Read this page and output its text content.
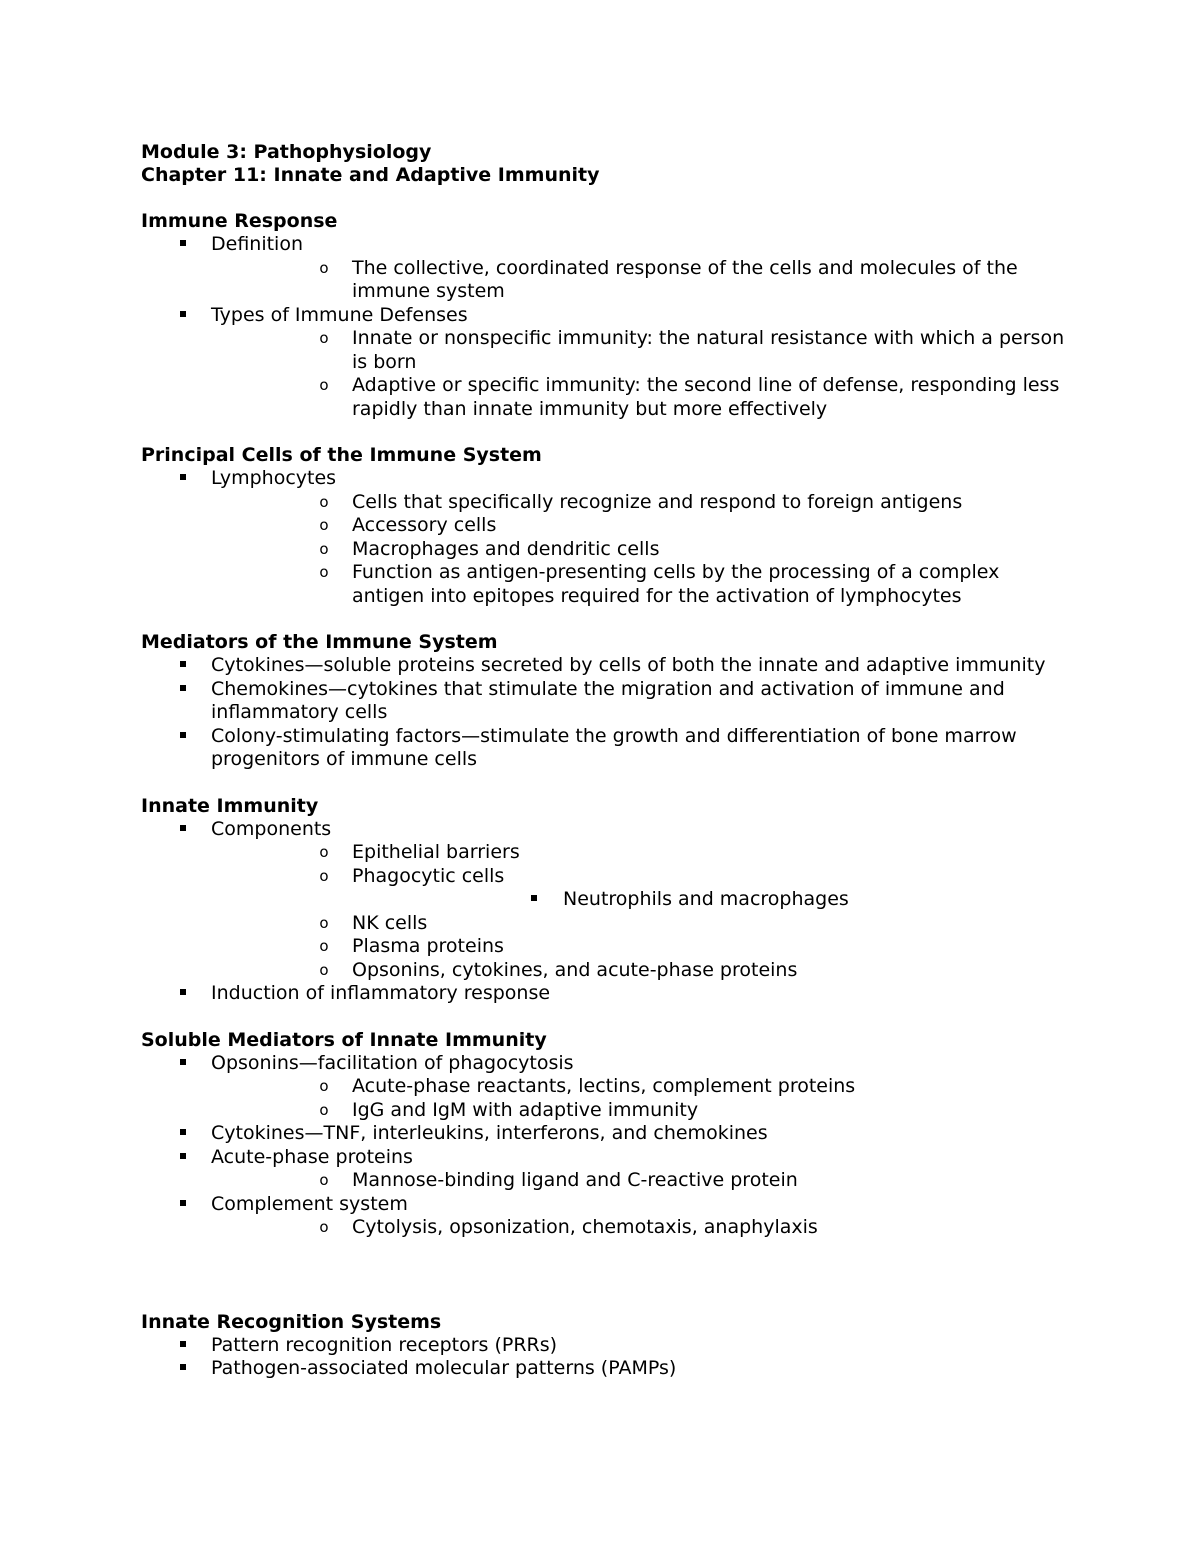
Module 3: Pathophysiology
Chapter 11: Innate and Adaptive Immunity
Immune Response
Definition
o The collective, coordinated response of the cells and molecules of the immune system
Types of Immune Defenses
o Innate or nonspecific immunity: the natural resistance with which a person is born
o Adaptive or specific immunity: the second line of defense, responding less rapidly than innate immunity but more effectively
Principal Cells of the Immune System
Lymphocytes
o Cells that specifically recognize and respond to foreign antigens
o Accessory cells
o Macrophages and dendritic cells
o Function as antigen-presenting cells by the processing of a complex antigen into epitopes required for the activation of lymphocytes
Mediators of the Immune System
Cytokines—soluble proteins secreted by cells of both the innate and adaptive immunity
Chemokines—cytokines that stimulate the migration and activation of immune and inflammatory cells
Colony-stimulating factors—stimulate the growth and differentiation of bone marrow progenitors of immune cells
Innate Immunity
Components
o Epithelial barriers
o Phagocytic cells
Neutrophils and macrophages
o NK cells
o Plasma proteins
o Opsonins, cytokines, and acute-phase proteins
Induction of inflammatory response
Soluble Mediators of Innate Immunity
Opsonins—facilitation of phagocytosis
o Acute-phase reactants, lectins, complement proteins
o IgG and IgM with adaptive immunity
Cytokines—TNF, interleukins, interferons, and chemokines
Acute-phase proteins
o Mannose-binding ligand and C-reactive protein
Complement system
o Cytolysis, opsonization, chemotaxis, anaphylaxis
Innate Recognition Systems
Pattern recognition receptors (PRRs)
Pathogen-associated molecular patterns (PAMPs)
